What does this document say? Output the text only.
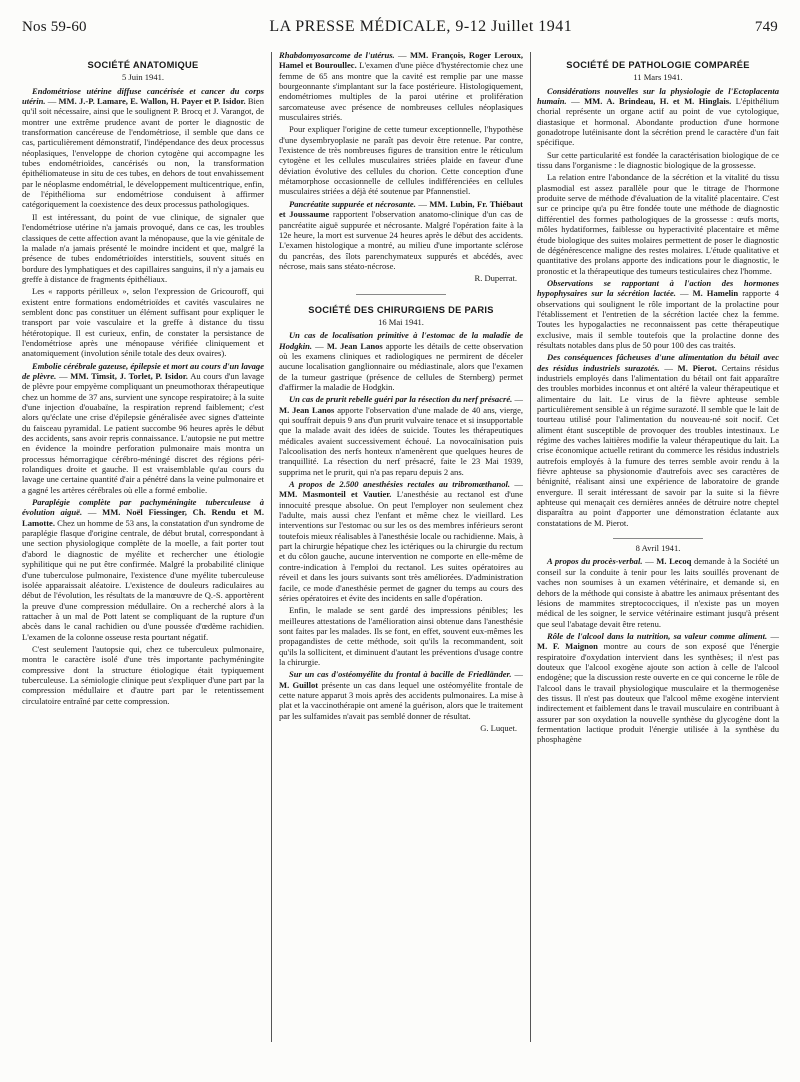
Nos 59-60	LA PRESSE MÉDICALE, 9-12 Juillet 1941	749
SOCIÉTÉ ANATOMIQUE
5 Juin 1941.

Endométriose utérine diffuse cancérisée et cancer du corps utérin. — MM. J.-P. Lamare, E. Wallon, H. Payer et P. Isidor. Bien qu'il soit nécessaire, ainsi que le soulignent P. Brocq et J. Varangot, de montrer une extrême prudence avant de porter le diagnostic de transformation cancéreuse de l'endométriose, il semble que dans ce cas, particulièrement démonstratif, l'indépendance des deux processus néoplasiques, l'enveloppe de chorion cytogène qui accompagne les tubes endométrioïdes, cancérisés ou non, la transformation épithéliomateuse in situ de ces tubes, en dehors de tout envahissement par le néoplasme endométrial, le développement multicentrique, enfin, de l'épithélioma sur endométriose conduisent à affirmer catégoriquement la coexistence des deux processus pathologiques.

Il est intéressant, du point de vue clinique, de signaler que l'endométriose utérine n'a jamais provoqué, dans ce cas, les troubles classiques de cette affection avant la ménopause, que la vie génitale de la malade n'a jamais présenté le moindre incident et que, malgré la présence de tubes endométrioïdes interstitiels, souvent situés en bordure des lymphatiques et des capillaires sanguins, il n'y a jamais eu greffe à distance de fragments épithéliaux.

Les « rapports périlleux », selon l'expression de Gricouroff, qui existent entre formations endométrioïdes et cavités vasculaires ne semblent donc pas constituer un élément suffisant pour expliquer le transport par voie vasculaire et la greffe à distance du tissu hétérotopique. Il est curieux, enfin, de constater la persistance de l'endométriose après une ménopause vérifiée cliniquement et anatomiquement (involution sénile totale des deux ovaires).

Embolie cérébrale gazeuse, épilepsie et mort au cours d'un lavage de plèvre. — MM. Timsit, J. Torlet, P. Isidor. Au cours d'un lavage de plèvre pour empyème compliquant un pneumothorax thérapeutique chez un homme de 37 ans, survient une syncope respiratoire; à la suite d'une injection d'ouabaïne, la respiration reprend faiblement; c'est alors qu'éclate une crise d'épilepsie généralisée avec signes d'atteinte du faisceau pyramidal. Le patient succombe 96 heures après le début des accidents, sans avoir repris connaissance. L'autopsie ne put mettre en évidence la moindre perforation pulmonaire mais montra un processus hémorragique cérébro-méningé discret des régions péri-rolandiques droite et gauche. Il est vraisemblable qu'au cours du lavage une certaine quantité d'air a pénétré dans la veine pulmonaire et a gagné les artères cérébrales où elle a formé embolie.

Paraplégie complète par pachyméningite tuberculeuse à évolution aiguë. — MM. Noël Fiessinger, Ch. Rendu et M. Lamotte. Chez un homme de 53 ans, la constatation d'un syndrome de paraplégie flasque d'origine centrale, de début brutal, correspondant à une section physiologique complète de la moelle, a fait porter tout d'abord le diagnostic de myélite et rechercher une étiologie syphilitique qui ne put être confirmée. Malgré la probabilité clinique d'une tuberculose pulmonaire, l'existence d'une myélite tuberculeuse isolée apparaissait aléatoire. L'existence de douleurs radiculaires au début de l'évolution, les résultats de la manœuvre de Q.-S. apportèrent la preuve d'une compression médullaire. On a recherché alors à la rattacher à un mal de Pott latent se compliquant de la rupture d'un abcès dans le canal rachidien ou d'une poussée d'œdème rachidien. L'examen de la colonne osseuse resta pourtant négatif.

C'est seulement l'autopsie qui, chez ce tuberculeux pulmonaire, montra le caractère isolé d'une très importante pachyméningite compressive dont la structure étiologique était typiquement tuberculeuse. La sémiologie clinique peut s'expliquer d'une part par la compression médullaire et d'autre part par le retentissement circulatoire entraîné par cette compression.

Rhabdomyosarcome de l'utérus. — MM. François, Roger Leroux, Hamel et Bouroullec. L'examen d'une pièce d'hystérectomie chez une femme de 65 ans montre que la cavité est remplie par une masse bourgeonnante s'implantant sur la face postérieure. Histologiquement, endométriomes multiples de la paroi utérine et prolifération sarcomateuse avec présence de nombreuses cellules néoplasiques musculaires striés.

Pour expliquer l'origine de cette tumeur exceptionnelle, l'hypothèse d'une dysembryoplasie ne paraît pas devoir être retenue. Par contre, l'existence de très nombreuses figures de transition entre le réticulum cytogène et les cellules musculaires striées plaide en faveur d'une déviation évolutive des cellules du chorion. Cette conception d'une métamorphose occasionnelle de cellules indifférenciées en cellules musculaires striées a déjà été soutenue par Pfannenstiel.

Pancréatite suppurée et nécrosante. — MM. Lubin, Fr. Thiébaut et Joussaume rapportent l'observation anatomo-clinique d'un cas de pancréatite aiguë suppurée et nécrosante. Malgré l'opération faite à la 12e heure, la mort est survenue 24 heures après le début des accidents. L'examen histologique a montré, au milieu d'une importante sclérose du pancréas, des îlots parenchymateux suppurés et abcédés, avec nécrose, mais sans stéato-nécrose.

R. Duperrat.
SOCIÉTÉ DES CHIRURGIENS DE PARIS
16 Mai 1941.

Un cas de localisation primitive à l'estomac de la maladie de Hodgkin. — M. Jean Lanos apporte les détails de cette observation où les examens cliniques et radiologiques ne permirent de déceler aucune localisation ganglionnaire ou médiastinale, alors que l'examen de la tumeur gastrique (présence de cellules de Sternberg) permet d'affirmer la maladie de Hodgkin.

Un cas de prurit rebelle guéri par la résection du nerf présacré. — M. Jean Lanos apporte l'observation d'une malade de 40 ans, vierge, qui souffrait depuis 9 ans d'un prurit vulvaire tenace et si insupportable que la malade avait des idées de suicide. Toutes les thérapeutiques médicales avaient successivement échoué. La novocaïnisation puis l'alcoolisation des nerfs honteux n'amenèrent que quelques heures de tranquillité. La résection du nerf présacré, faite le 23 Mai 1939, supprima net le prurit, qui n'a pas reparu depuis 2 ans.

A propos de 2.500 anesthésies rectales au tribromæthanol. — MM. Masmonteil et Vautier. L'anesthésie au rectanol est d'une innocuité presque absolue. On peut l'employer non seulement chez l'adulte, mais aussi chez l'enfant et même chez le vieillard. Les interventions sur l'estomac ou sur les os des membres inférieurs seront toutefois mieux réalisables à l'anesthésie locale ou rachidienne. Mais, à part la chirurgie hépatique chez les ictériques ou la chirurgie du rectum et du côlon gauche, aucune intervention ne comporte en elle-même de contre-indication à l'emploi du rectanol. Les suites opératoires au réveil et dans les jours suivants sont très améliorées. D'administration facile, ce mode d'anesthésie permet de gagner du temps au cours des séries opératoires et évite des incidents en salle d'opération.

Enfin, le malade se sent gardé des impressions pénibles; les meilleures attestations de l'amélioration ainsi obtenue dans l'anesthésie sont faites par les malades. Ils se font, en effet, souvent eux-mêmes les propagandistes de cette méthode, soit qu'ils la recommandent, soit qu'ils la sollicitent, et diminuent d'autant les préventions d'usage contre la chirurgie.

Sur un cas d'ostéomyélite du frontal à bacille de Friedländer. — M. Guillot présente un cas dans lequel une ostéomyélite frontale de cette nature apparut 3 mois après des accidents pulmonaires. La mise à plat et la vaccinothérapie ont amené la guérison, alors que le traitement par les sulfamides n'avait pas semblé donner de résultat.

G. Luquet.
SOCIÉTÉ DE PATHOLOGIE COMPARÉE
11 Mars 1941.

Considérations nouvelles sur la physiologie de l'Ectoplacenta humain. — MM. A. Brindeau, H. et M. Hinglais. L'épithélium chorial représente un organe actif au point de vue cytologique, diastasique et hormonal. Abondante production d'une hormone gonadotrope lutéinisante dont la sécrétion prend le caractère d'un fait spécifique.

Sur cette particularité est fondée la caractérisation biologique de ce tissu dans l'organisme : le diagnostic biologique de la grossesse.

La relation entre l'abondance de la sécrétion et la vitalité du tissu plasmodial est assez parallèle pour que le titrage de l'hormone produite serve de méthode d'évaluation de la vitalité placentaire. C'est sur ce principe qu'a pu être fondée toute une méthode de diagnostic différentiel des formes pathologiques de la grossesse : œufs morts, môles hydatiformes, faiblesse ou hyperactivité placentaire et même étude biologique des suites molaires permettent de poser le diagnostic de dégénérescence maligne des restes molaires. L'étude qualitative et quantitative des prolans apporte des indications pour le diagnostic, le pronostic et la thérapeutique des tumeurs testiculaires chez l'homme.

Observations se rapportant à l'action des hormones hypophysaires sur la sécrétion lactée. — M. Hamelin rapporte 4 observations qui soulignent le rôle important de la prolactine pour l'établissement et l'entretien de la sécrétion lactée chez la femme. Toutes les hypogalacties ne reconnaissent pas cette thérapeutique exclusive, mais il semble toutefois que la prolactine donne des résultats notables dans plus de 50 pour 100 des cas traités.

Des conséquences fâcheuses d'une alimentation du bétail avec des résidus industriels surazotés. — M. Pierot. Certains résidus industriels employés dans l'alimentation du bétail ont fait apparaître des troubles morbides inconnus et ont altéré la valeur thérapeutique et alimentaire du lait. Le virus de la fièvre aphteuse semble particulièrement sensible à un régime surazoté. Il semble que le lait de tourteau utilisé pour l'alimentation du nouveau-né soit nocif. Cet aliment étant susceptible de provoquer des troubles intestinaux. Le régime des vaches laitières modifie la valeur thérapeutique du lait. La crise économique actuelle retirant du commerce les résidus industriels autrefois employés à la fumure des terres semble avoir rendu à la fièvre aphteuse sa physionomie d'autrefois avec ses caractères de bénignité, réalisant ainsi une expérience de laboratoire de grande envergure. Il serait intéressant de savoir par la suite si la fièvre aphteuse qui menaçait ces dernières années de détruire notre cheptel disparaîtra au point d'apporter une démonstration éclatante aux constatations de M. Pierot.

8 Avril 1941.

A propos du procès-verbal. — M. Lecoq demande à la Société un conseil sur la conduite à tenir pour les laits souillés provenant de vaches non soumises à un examen vétérinaire, et demande si, en dehors de la méthode qui consiste à abattre les animaux présentant des lésions de mammites streptococciques, il n'existe pas un moyen médical de les soigner, le service vétérinaire estimant jusqu'à présent que seul l'abatage devait être retenu.

Rôle de l'alcool dans la nutrition, sa valeur comme aliment. — M. F. Maignon montre au cours de son exposé que l'énergie respiratoire d'oxydation intervient dans les synthèses; il n'est pas douteux que l'alcool exogène ajoute son action à celle de l'alcool endogène; que la discussion reste ouverte en ce qui concerne le rôle de l'alcool dans le travail physiologique musculaire et la thermogenèse des tissus. Il n'est pas douteux que l'alcool même exogène intervient indirectement et faiblement dans le travail musculaire en contribuant à assurer par son oxydation la nouvelle synthèse du glycogène dont la fermentation lactique produit l'énergie utilisée à la synthèse du phosphagène
